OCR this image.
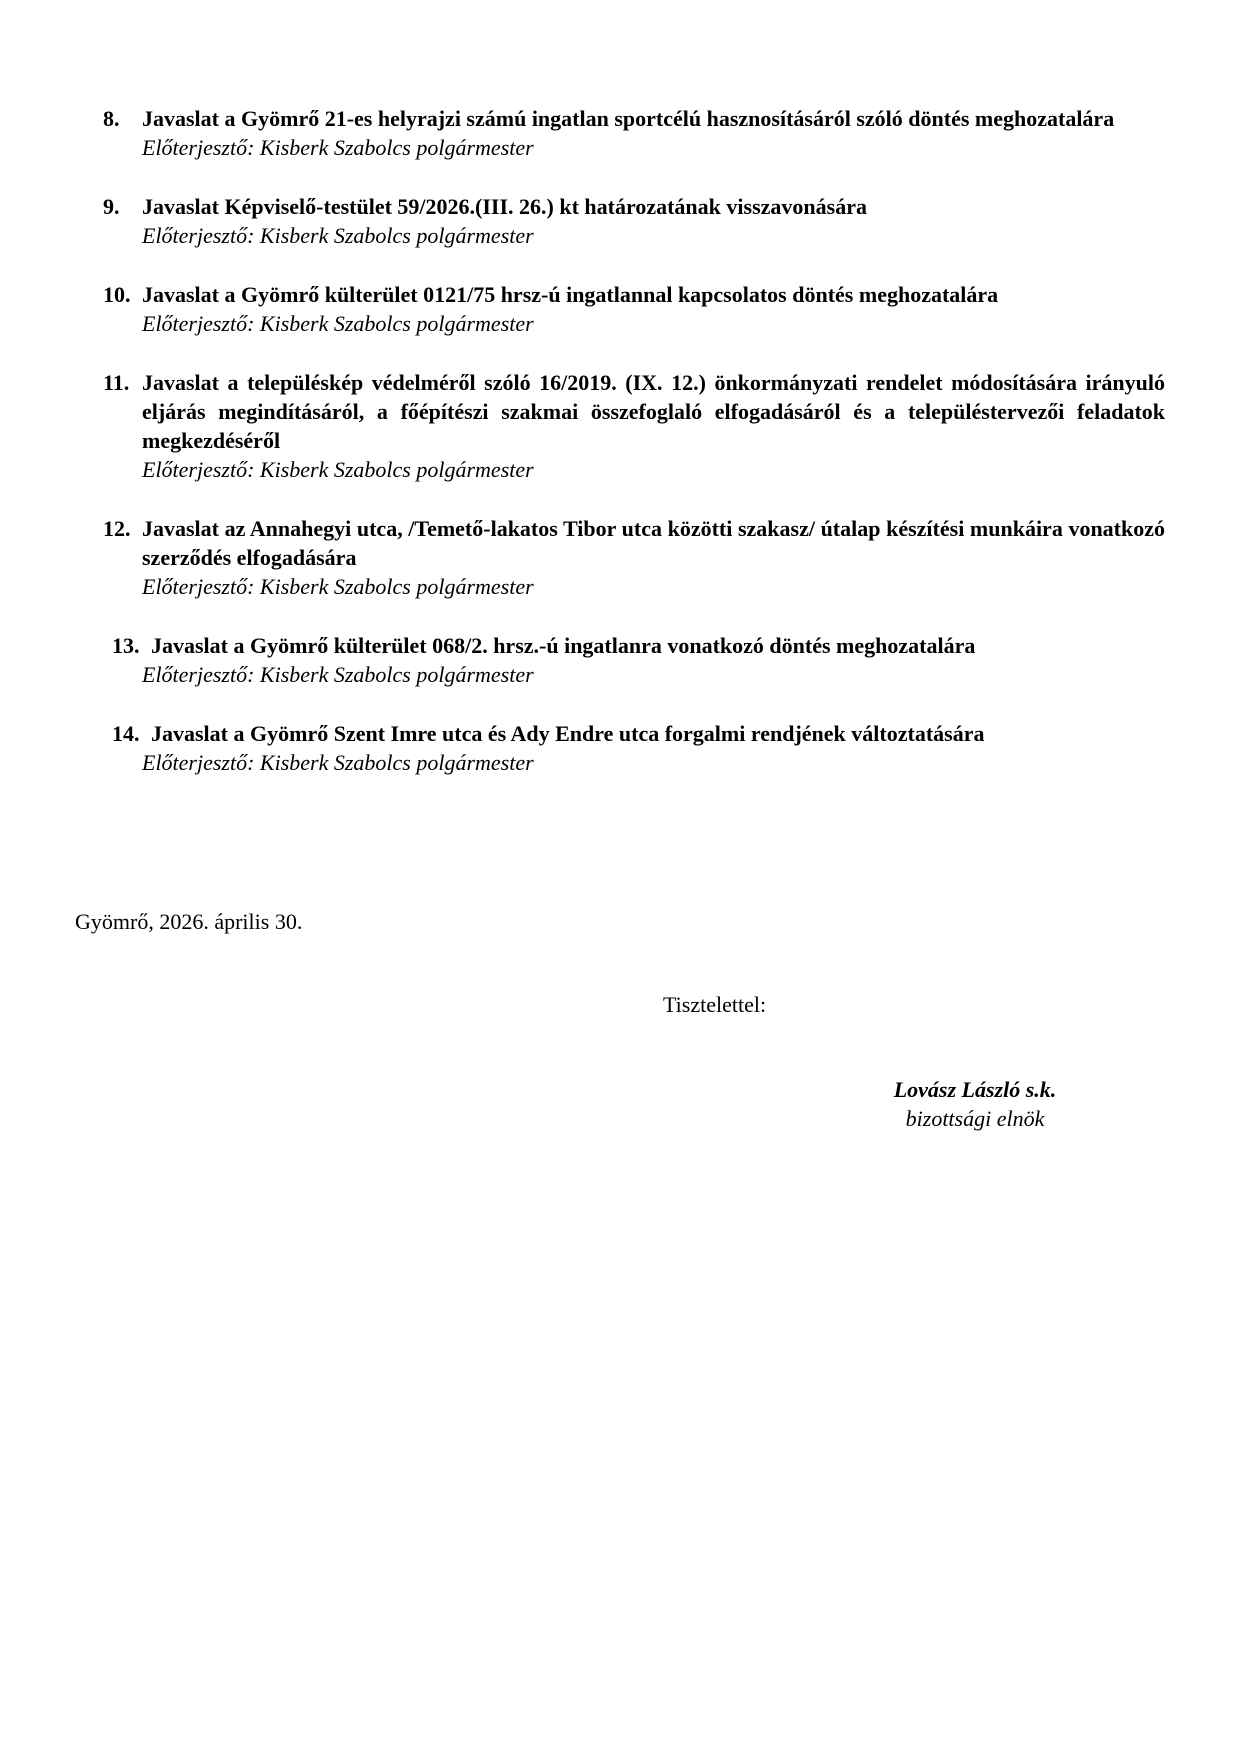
8. Javaslat a Gyömrő 21-es helyrajzi számú ingatlan sportcélú hasznosításáról szóló döntés meghozatalára

Előterjesztő: Kisberk Szabolcs polgármester

9. Javaslat Képviselő-testület 59/2026.(III. 26.) kt határozatának visszavonására

Előterjesztő: Kisberk Szabolcs polgármester

10. Javaslat a Gyömrő külterület 0121/75 hrsz-ú ingatlannal kapcsolatos döntés meghozatalára

Előterjesztő: Kisberk Szabolcs polgármester

11. Javaslat a településkép védelméről szóló 16/2019. (IX. 12.) önkormányzati rendelet módosítására irányuló eljárás megindításáról, a főépítészi szakmai összefoglaló elfogadásáról és a településtervezői feladatok megkezdéséről

Előterjesztő: Kisberk Szabolcs polgármester

12. Javaslat az Annahegyi utca, /Temető-lakatos Tibor utca közötti szakasz/ útalap készítési munkáira vonatkozó szerződés elfogadására

Előterjesztő: Kisberk Szabolcs polgármester

13. Javaslat a Gyömrő külterület 068/2. hrsz.-ú ingatlanra vonatkozó döntés meghozatalára

Előterjesztő: Kisberk Szabolcs polgármester

14. Javaslat a Gyömrő Szent Imre utca és Ady Endre utca forgalmi rendjének változtatására

Előterjesztő: Kisberk Szabolcs polgármester

Gyömrő, 2026. április 30.

Tisztelettel:

Lovász László s.k.

bizottsági elnök
